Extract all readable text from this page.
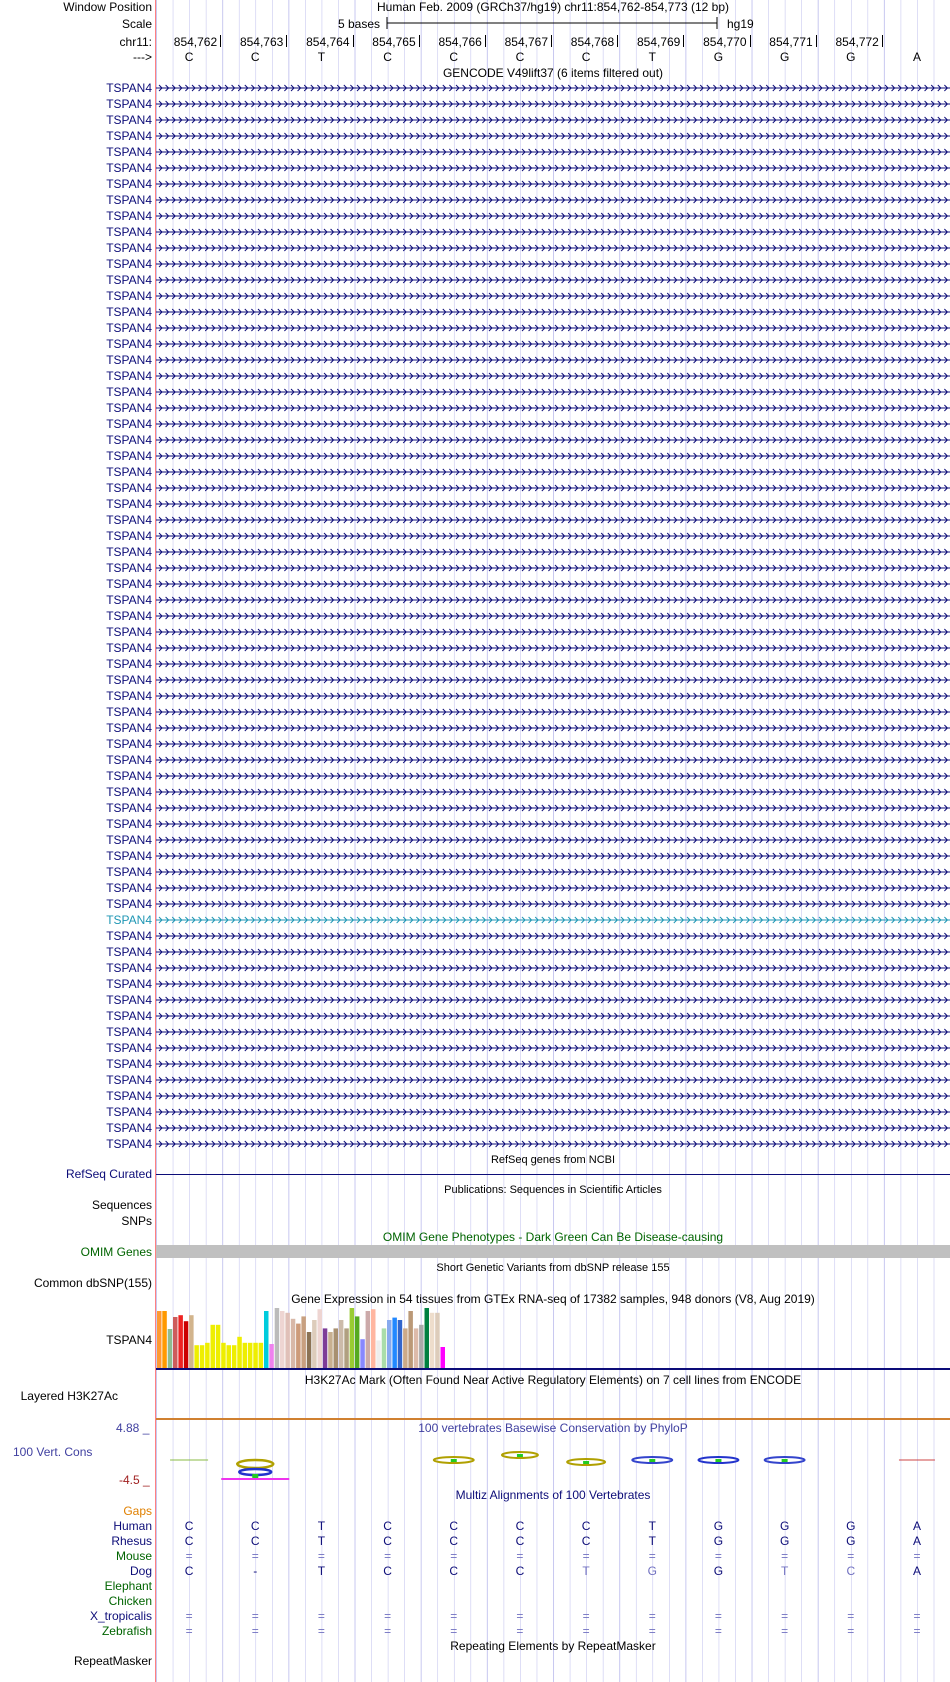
Window Position	Human Feb. 2009 (GRCh37/hg19) chr11:854,762-854,773 (12 bp)
Scale	5 bases	hg19
chr11:	854,762	854,763	854,764	854,765	854,766	854,767	854,768	854,769	854,770	854,771	854,772
--->	C	C	T	C	C	C	C	T	G	G	G	A
GENCODE V49lift37 (6 items filtered out)
TSPAN4
TSPAN4
TSPAN4
TSPAN4
TSPAN4
TSPAN4
TSPAN4
TSPAN4
TSPAN4
TSPAN4
TSPAN4
TSPAN4
TSPAN4
TSPAN4
TSPAN4
TSPAN4
TSPAN4
TSPAN4
TSPAN4
TSPAN4
TSPAN4
TSPAN4
TSPAN4
TSPAN4
TSPAN4
TSPAN4
TSPAN4
TSPAN4
TSPAN4
TSPAN4
TSPAN4
TSPAN4
TSPAN4
TSPAN4
TSPAN4
TSPAN4
TSPAN4
TSPAN4
TSPAN4
TSPAN4
TSPAN4
TSPAN4
TSPAN4
TSPAN4
TSPAN4
TSPAN4
TSPAN4
TSPAN4
TSPAN4
TSPAN4
TSPAN4
TSPAN4
TSPAN4
TSPAN4
TSPAN4
TSPAN4
TSPAN4
TSPAN4
TSPAN4
TSPAN4
TSPAN4
TSPAN4
TSPAN4
TSPAN4
TSPAN4
TSPAN4
TSPAN4
RefSeq genes from NCBI
RefSeq Curated
Publications: Sequences in Scientific Articles
Sequences
SNPs
OMIM Gene Phenotypes - Dark Green Can Be Disease-causing
OMIM Genes
Short Genetic Variants from dbSNP release 155
Common dbSNP(155)
Gene Expression in 54 tissues from GTEx RNA-seq of 17382 samples, 948 donors (V8, Aug 2019)
TSPAN4
H3K27Ac Mark (Often Found Near Active Regulatory Elements) on 7 cell lines from ENCODE
Layered H3K27Ac
100 vertebrates Basewise Conservation by PhyloP
4.88 _
100 Vert. Cons
-4.5 _
Multiz Alignments of 100 Vertebrates
Gaps
Human	C	C	T	C	C	C	C	T	G	G	G	A
Rhesus	C	C	T	C	C	C	C	T	G	G	G	A
Mouse	=	=	=	=	=	=	=	=	=	=	=	=
Dog	C	-	T	C	C	C	T	G	G	T	C	A
Elephant
Chicken
X_tropicalis	=	=	=	=	=	=	=	=	=	=	=	=
Zebrafish	=	=	=	=	=	=	=	=	=	=	=	=
Repeating Elements by RepeatMasker
RepeatMasker
